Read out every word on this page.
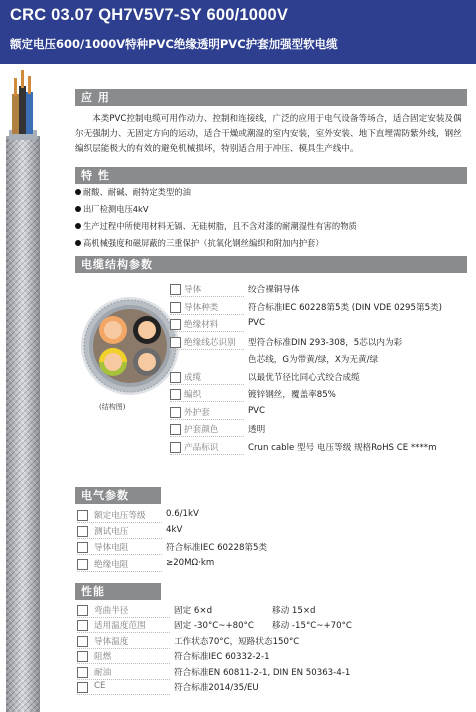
CRC 03.07 QH7V5V7-SY 600/1000V
额定电压600/1000V特种PVC绝缘透明PVC护套加强型软电缆
应 用

本类PVC控制电缆可用作动力、控制和连接线，广泛的应用于电气设备等场合，适合固定安装及偶尔无强制力、无固定方向的运动，适合干燥或潮湿的室内安装，室外安装、地下直埋需防紫外线，钢丝编织层能极大的有效的避免机械损坏，特别适合用于冲压、模具生产线中。

特 性
耐酸、耐碱、耐特定类型的油
出厂检测电压4kV
生产过程中所使用材料无镉、无硅树脂，且不含对漆的耐潮湿性有害的物质
高机械强度和磁屏蔽的三重保护（抗氧化钢丝编织和附加内护套）
电缆结构参数
(结构图)
导体	绞合裸铜导体
导体种类	符合标准IEC 60228第5类 (DIN VDE 0295第5类)
绝缘材料	PVC
绝缘线芯识别 型符合标准DIN 293-308，5芯以内为彩
色芯线，G为带黄/绿，X为无黄/绿
成缆	以最优节径比同心式绞合成缆
编织	镀锌钢丝，覆盖率85%
外护套	PVC
护套颜色	透明
产品标识	Crun cable 型号 电压等级 规格RoHS CE ****m
电气参数
额定电压等级 0.6/1kV
测试电压	4kV
导体电阻	符合标准IEC 60228第5类
绝缘电阻	≥20MΩ·km
性能
弯曲半径	固定 6×d	移动 15×d
适用温度范围	固定 -30°C~+80°C 移动 -15°C~+70°C
导体温度	工作状态70°C，短路状态150°C
阻燃	符合标准IEC 60332-2-1
耐油	符合标准EN 60811-2-1, DIN EN 50363-4-1
CE	符合标准2014/35/EU
